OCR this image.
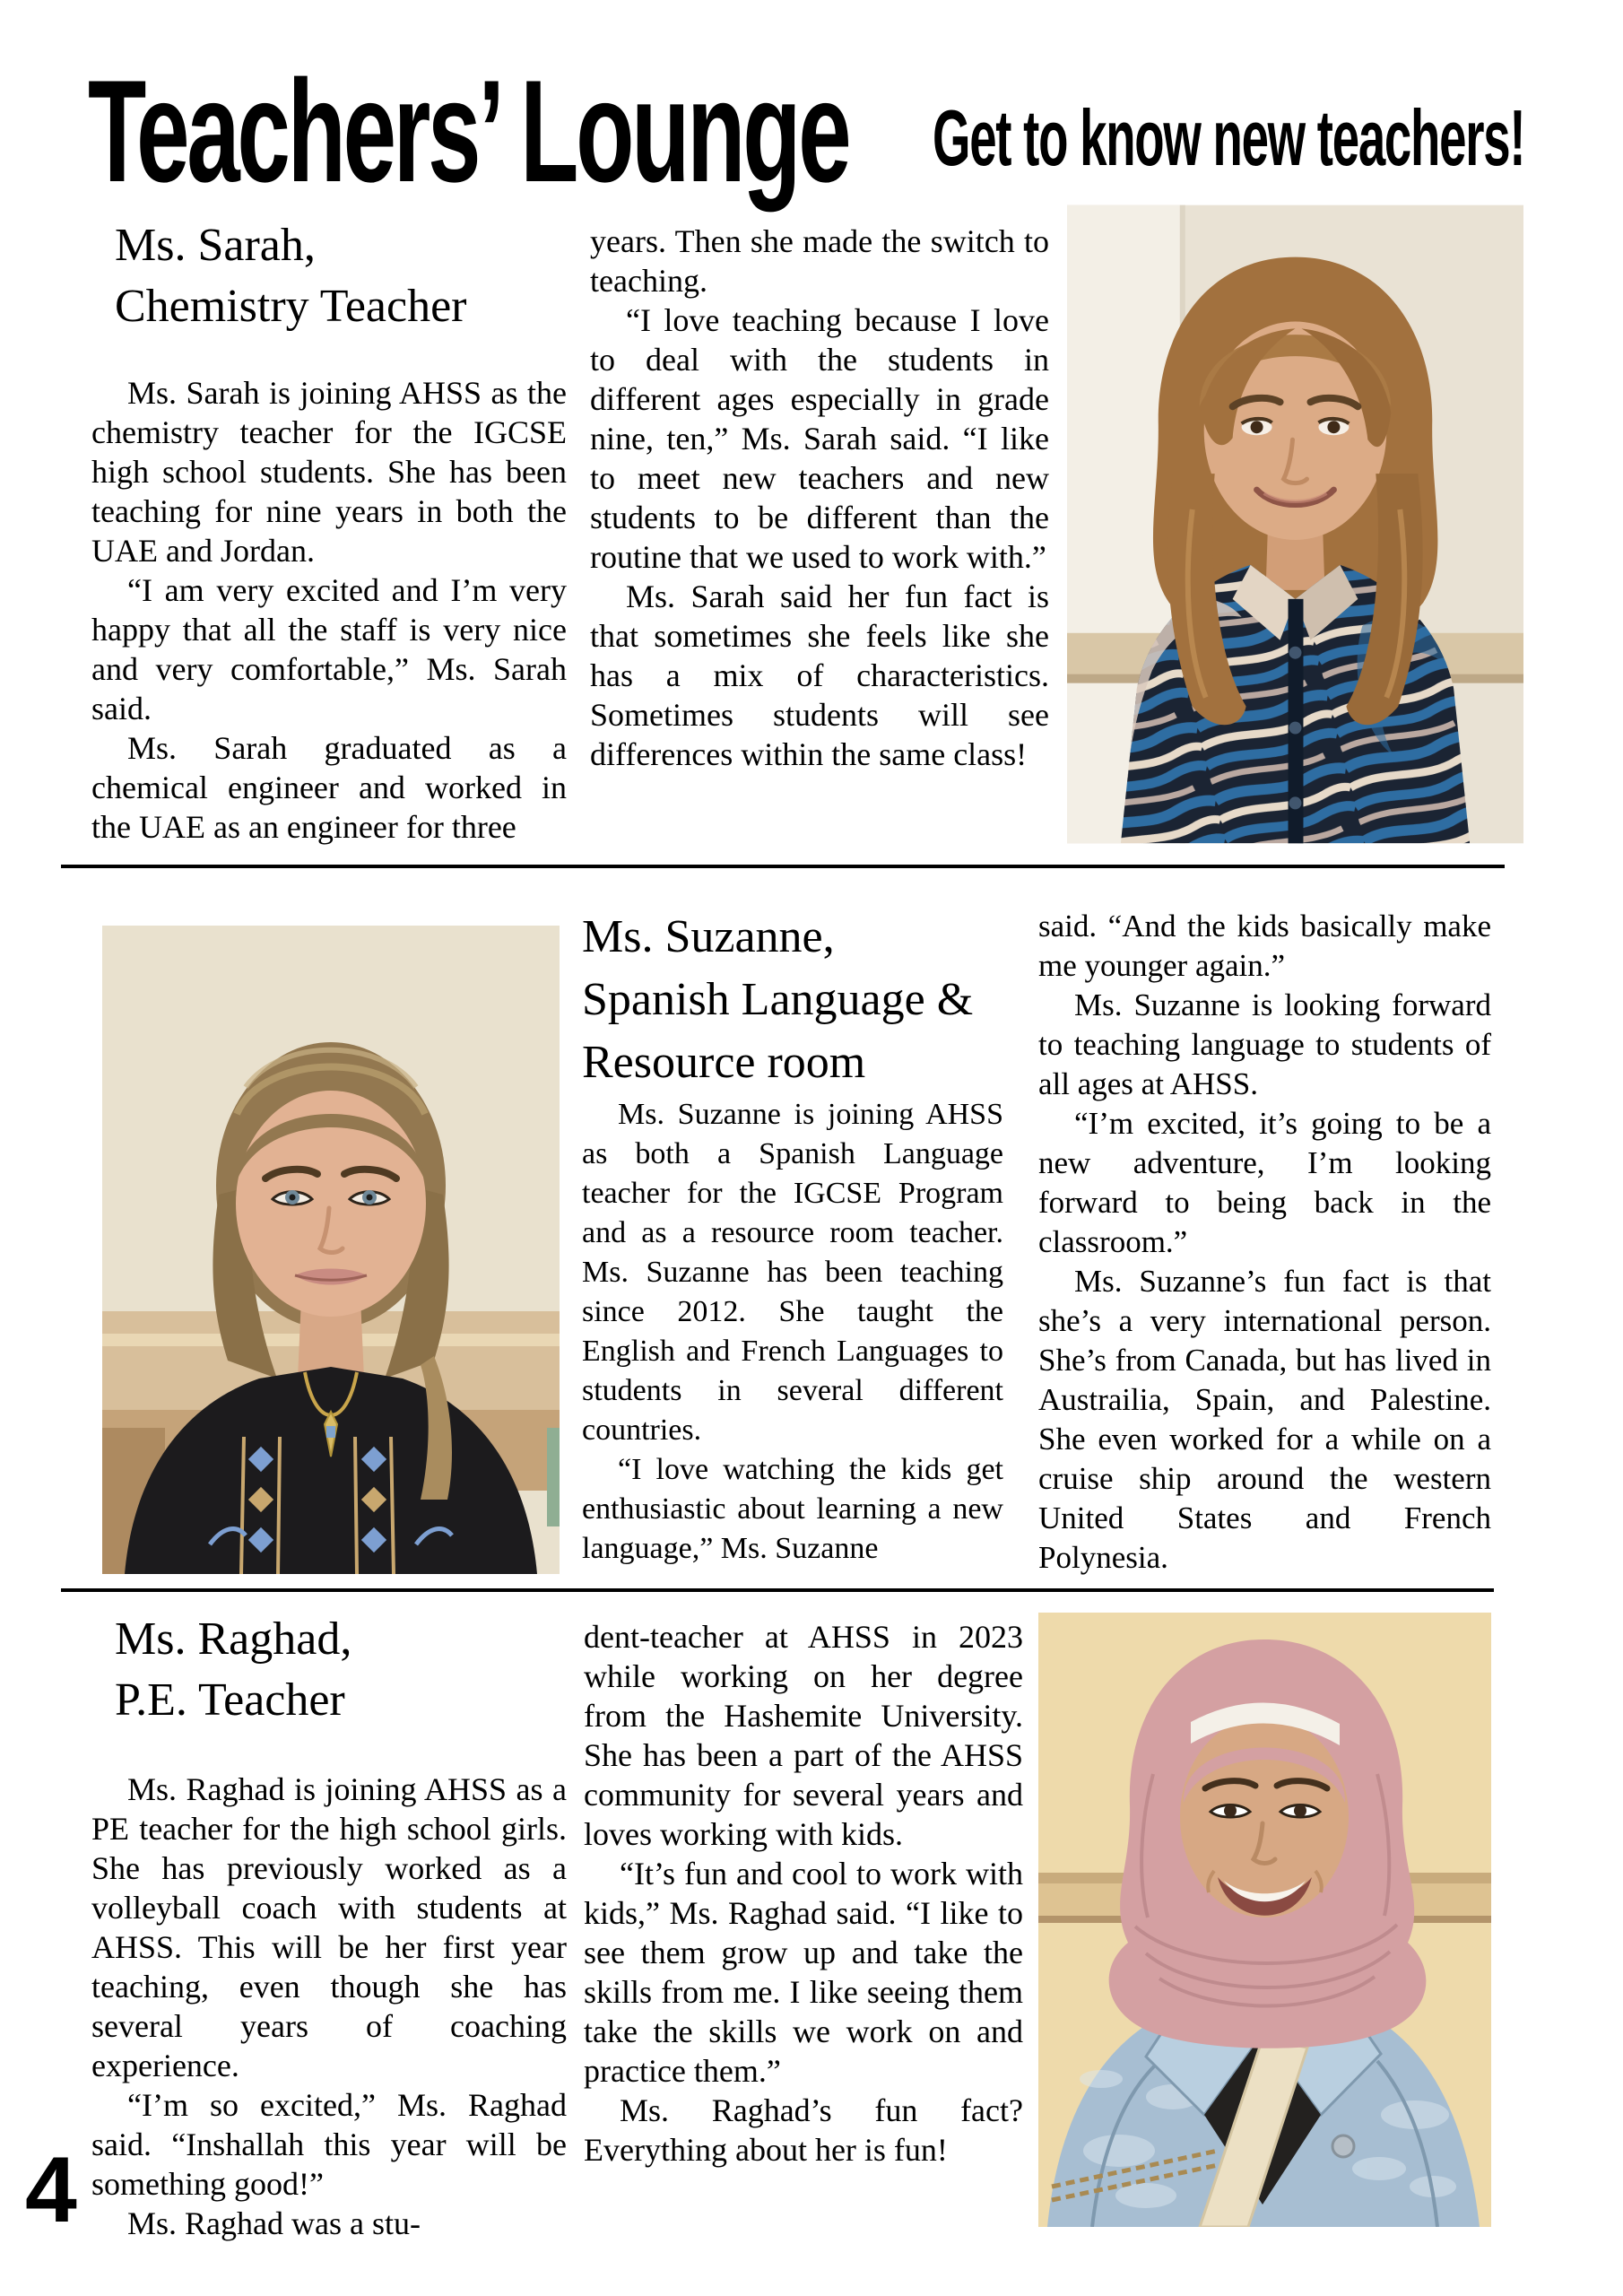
Teachers’ Lounge Get to know new teachers!
Ms. Sarah,
Chemistry Teacher

Ms. Sarah is joining AHSS as the chemistry teacher for the IGCSE high school students. She has been teaching for nine years in both the UAE and Jordan.

“I am very excited and I’m very happy that all the staff is very nice and very comfortable,” Ms. Sarah said.

Ms. Sarah graduated as a chemical engineer and worked in the UAE as an engineer for three

years. Then she made the switch to teaching.

“I love teaching because I love to deal with the students in different ages especially in grade nine, ten,” Ms. Sarah said. “I like to meet new teachers and new students to be different than the routine that we used to work with.”

Ms. Sarah said her fun fact is that sometimes she feels like she has a mix of characteristics. Sometimes students will see differences within the same class!

Ms. Suzanne,
Spanish Language &
Resource room

Ms. Suzanne is joining AHSS as both a Spanish Language teacher for the IGCSE Program and as a resource room teacher. Ms. Suzanne has been teaching since 2012. She taught the English and French Languages to students in several different countries.

“I love watching the kids get enthusiastic about learning a new language,” Ms. Suzanne

said. “And the kids basically make me younger again.”

Ms. Suzanne is looking forward to teaching language to students of all ages at AHSS.

“I’m excited, it’s going to be a new adventure, I’m looking forward to being back in the classroom.”

Ms. Suzanne’s fun fact is that she’s a very international person. She’s from Canada, but has lived in Austrailia, Spain, and Palestine. She even worked for a while on a cruise ship around the western United States and French Polynesia.

Ms. Raghad,
P.E. Teacher

Ms. Raghad is joining AHSS as a PE teacher for the high school girls. She has previously worked as a volleyball coach with students at AHSS. This will be her first year teaching, even though she has several years of coaching experience.

“I’m so excited,” Ms. Raghad said. “Inshallah this year will be something good!”

Ms. Raghad was a stu-

dent-teacher at AHSS in 2023 while working on her degree from the Hashemite University. She has been a part of the AHSS community for several years and loves working with kids.

“It’s fun and cool to work with kids,” Ms. Raghad said. “I like to see them grow up and take the skills from me. I like seeing them take the skills we work on and practice them.”

Ms. Raghad’s fun fact? Everything about her is fun!

4
